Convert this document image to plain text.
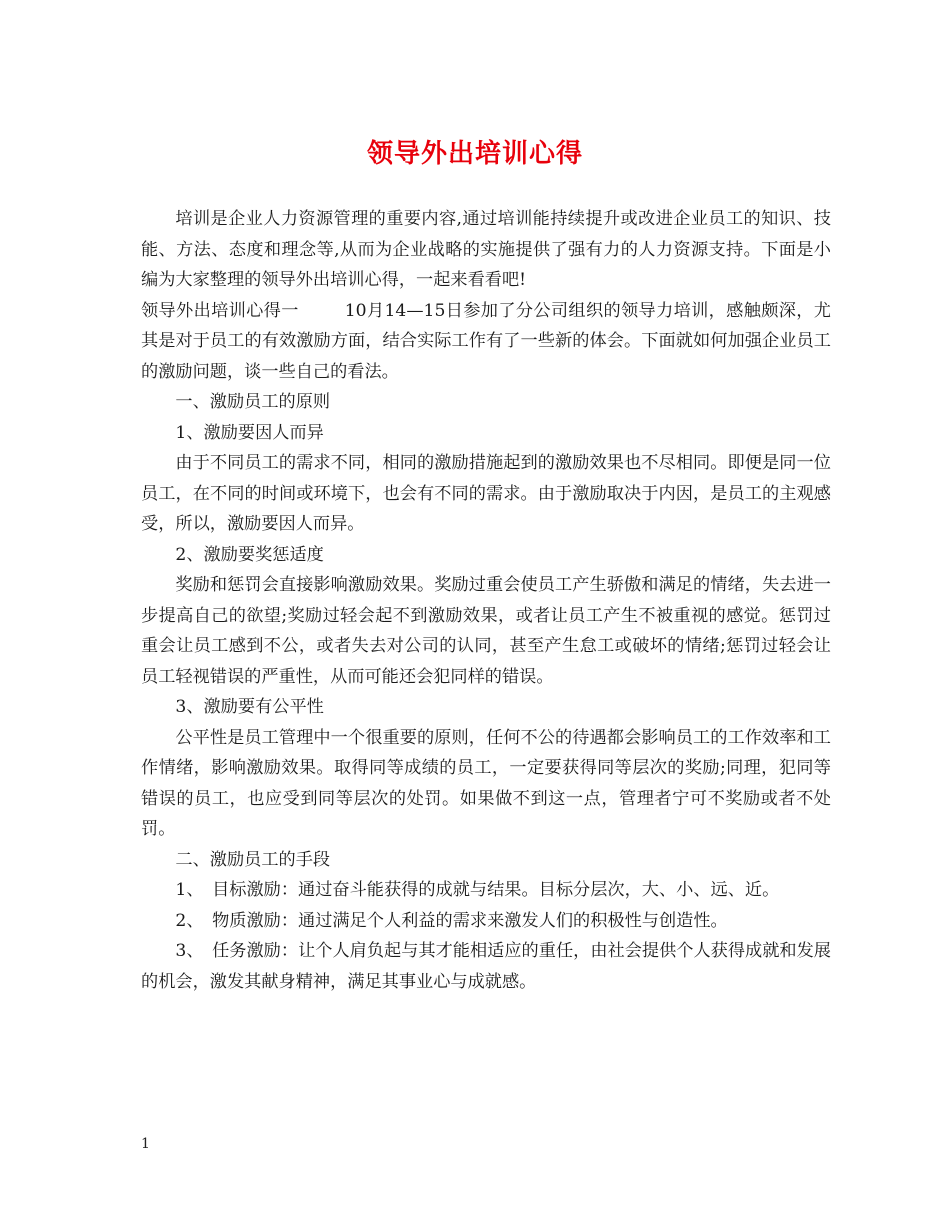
领导外出培训心得

培训是企业人力资源管理的重要内容,通过培训能持续提升或改进企业员工的知识、技能、方法、态度和理念等,从而为企业战略的实施提供了强有力的人力资源支持。下面是小编为大家整理的领导外出培训心得，一起来看看吧!

领导外出培训心得一	10月14—15日参加了分公司组织的领导力培训，感触颇深，尤其是对于员工的有效激励方面，结合实际工作有了一些新的体会。下面就如何加强企业员工的激励问题，谈一些自己的看法。

一、激励员工的原则

1、激励要因人而异

由于不同员工的需求不同，相同的激励措施起到的激励效果也不尽相同。即便是同一位员工，在不同的时间或环境下，也会有不同的需求。由于激励取决于内因，是员工的主观感受，所以，激励要因人而异。

2、激励要奖惩适度

奖励和惩罚会直接影响激励效果。奖励过重会使员工产生骄傲和满足的情绪，失去进一步提高自己的欲望;奖励过轻会起不到激励效果，或者让员工产生不被重视的感觉。惩罚过重会让员工感到不公，或者失去对公司的认同，甚至产生怠工或破坏的情绪;惩罚过轻会让员工轻视错误的严重性，从而可能还会犯同样的错误。

3、激励要有公平性

公平性是员工管理中一个很重要的原则，任何不公的待遇都会影响员工的工作效率和工作情绪，影响激励效果。取得同等成绩的员工，一定要获得同等层次的奖励;同理，犯同等错误的员工，也应受到同等层次的处罚。如果做不到这一点，管理者宁可不奖励或者不处罚。

二、激励员工的手段

1、　目标激励：通过奋斗能获得的成就与结果。目标分层次，大、小、远、近。

2、　物质激励：通过满足个人利益的需求来激发人们的积极性与创造性。

3、　任务激励：让个人肩负起与其才能相适应的重任，由社会提供个人获得成就和发展的机会，激发其献身精神，满足其事业心与成就感。

1
